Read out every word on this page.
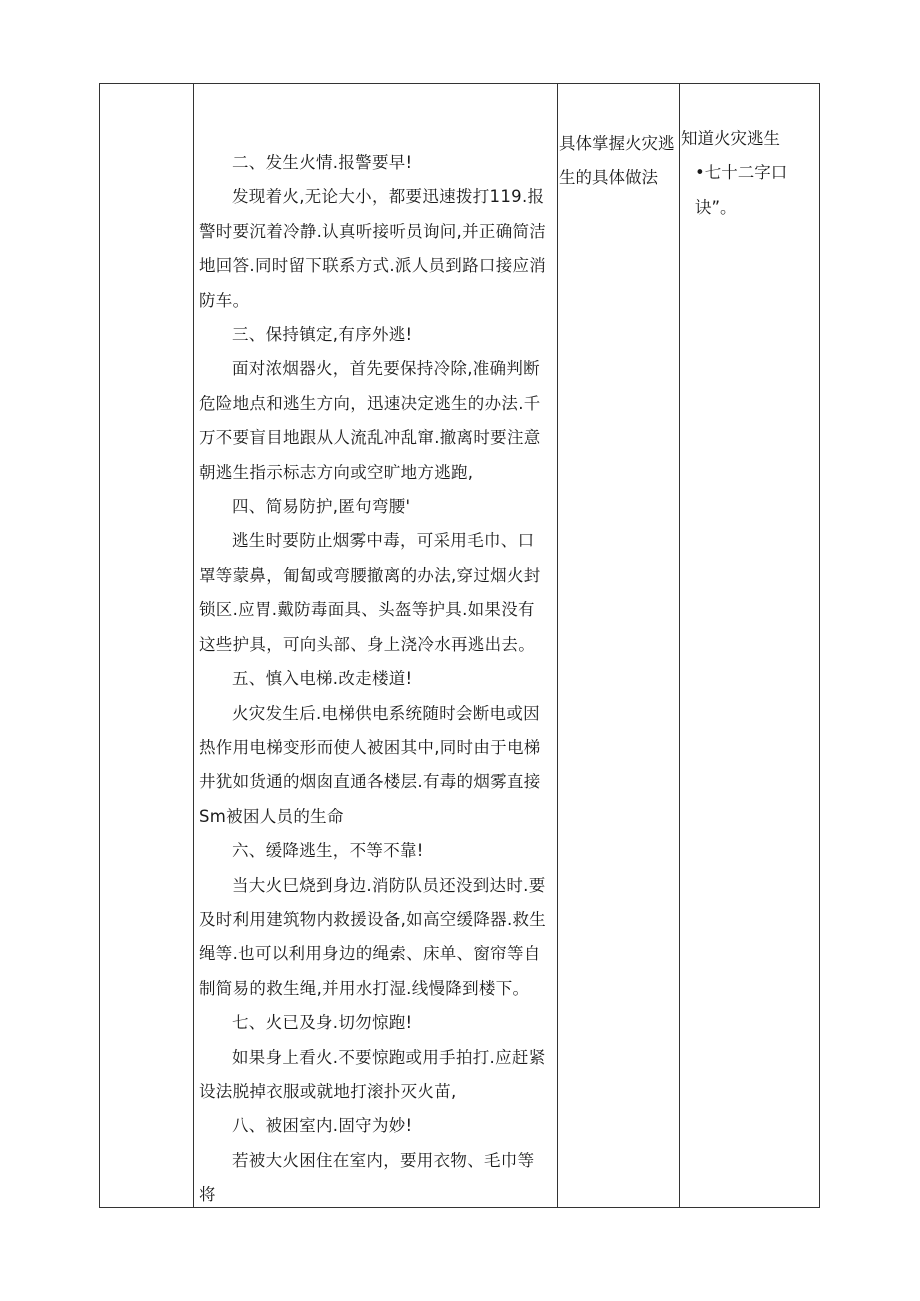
二、发生火情.报警要早!

发现着火,无论大小，都要迅速拨打119.报警时要沉着冷静.认真听接听员询问,并正确简洁地回答.同时留下联系方式.派人员到路口接应消防车。

三、保持镇定,有序外逃!

面对浓烟器火，首先要保持冷除,准确判断危险地点和逃生方向，迅速决定逃生的办法.千万不要盲目地跟从人流乱冲乱窜.撤离时要注意朝逃生指示标志方向或空旷地方逃跑,

四、简易防护,匿句弯腰'

逃生时要防止烟雾中毒，可采用毛巾、口罩等蒙鼻，匍匐或弯腰撤离的办法,穿过烟火封锁区.应胃.戴防毒面具、头盔等护具.如果没有这些护具，可向头部、身上浇冷水再逃出去。

五、慎入电梯.改走楼道!

火灾发生后.电梯供电系统随时会断电或因热作用电梯变形而使人被困其中,同时由于电梯井犹如货通的烟囱直通各楼层.有毒的烟雾直接Sm被困人员的生命

六、缓降逃生，不等不靠!

当大火巳烧到身边.消防队员还没到达时.要及时利用建筑物内救援设备,如高空缓降器.救生绳等.也可以利用身边的绳索、床单、窗帘等自制简易的救生绳,并用水打湿.线慢降到楼下。

七、火已及身.切勿惊跑!

如果身上看火.不要惊跑或用手拍打.应赶紧设法脱掉衣服或就地打滚扑灭火苗,

八、被困室内.固守为妙!

若被大火困住在室内，要用衣物、毛巾等将

具体掌握火灾逃生的具体做法
知道火灾逃生
•七十二字口诀”。
